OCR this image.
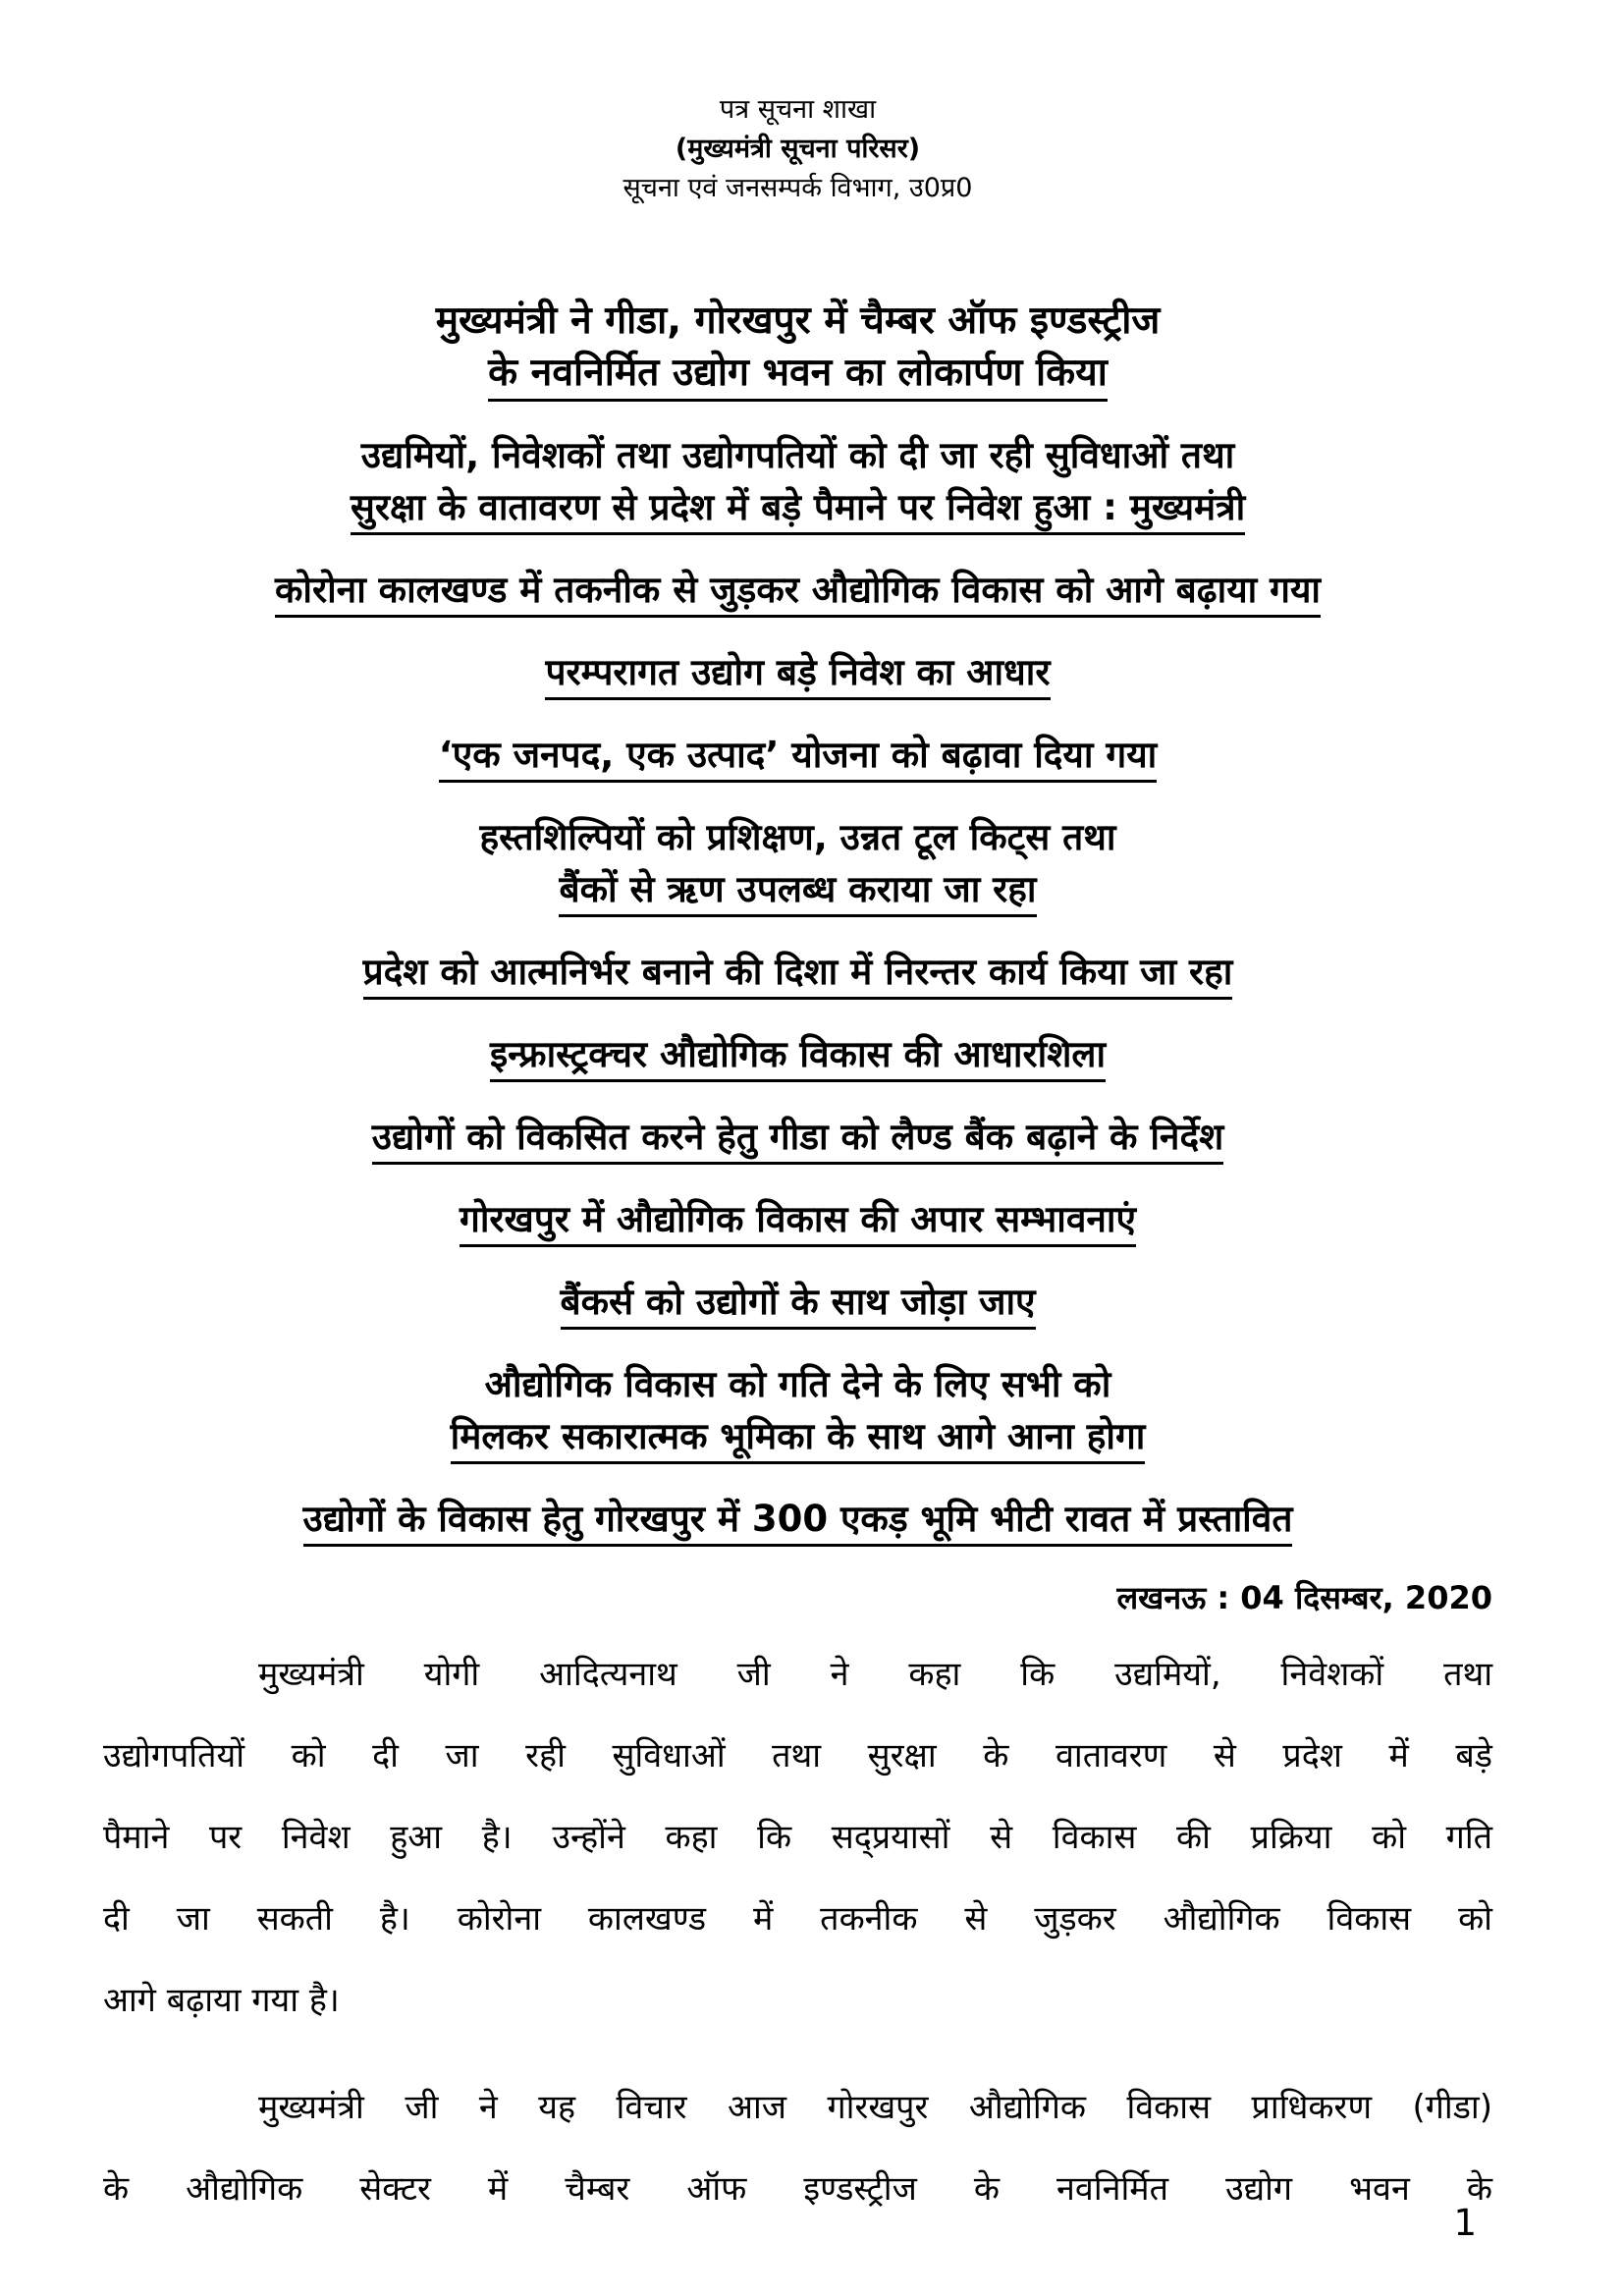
पत्र सूचना शाखा
(मुख्यमंत्री सूचना परिसर)
सूचना एवं जनसम्पर्क विभाग, उ0प्र0
मुख्यमंत्री ने गीडा, गोरखपुर में चैम्बर ऑफ इण्डस्ट्रीज
के नवनिर्मित उद्योग भवन का लोकार्पण किया
उद्यमियों, निवेशकों तथा उद्योगपतियों को दी जा रही सुविधाओं तथा
सुरक्षा के वातावरण से प्रदेश में बड़े पैमाने पर निवेश हुआ : मुख्यमंत्री
कोरोना कालखण्ड में तकनीक से जुड़कर औद्योगिक विकास को आगे बढ़ाया गया
परम्परागत उद्योग बड़े निवेश का आधार
‘एक जनपद, एक उत्पाद’ योजना को बढ़ावा दिया गया
हस्तशिल्पियों को प्रशिक्षण, उन्नत टूल किट्स तथा
बैंकों से ऋण उपलब्ध कराया जा रहा
प्रदेश को आत्मनिर्भर बनाने की दिशा में निरन्तर कार्य किया जा रहा
इन्फ्रास्ट्रक्चर औद्योगिक विकास की आधारशिला
उद्योगों को विकसित करने हेतु गीडा को लैण्ड बैंक बढ़ाने के निर्देश
गोरखपुर में औद्योगिक विकास की अपार सम्भावनाएं
बैंकर्स को उद्योगों के साथ जोड़ा जाए
औद्योगिक विकास को गति देने के लिए सभी को
मिलकर सकारात्मक भूमिका के साथ आगे आना होगा
उद्योगों के विकास हेतु गोरखपुर में 300 एकड़ भूमि भीटी रावत में प्रस्तावित
लखनऊ : 04 दिसम्बर, 2020
मुख्यमंत्री योगी आदित्यनाथ जी ने कहा कि उद्यमियों, निवेशकों तथा
उद्योगपतियों को दी जा रही सुविधाओं तथा सुरक्षा के वातावरण से प्रदेश में बड़े
पैमाने पर निवेश हुआ है। उन्होंने कहा कि सद्प्रयासों से विकास की प्रक्रिया को गति
दी जा सकती है। कोरोना कालखण्ड में तकनीक से जुड़कर औद्योगिक विकास को
आगे बढ़ाया गया है।
मुख्यमंत्री जी ने यह विचार आज गोरखपुर औद्योगिक विकास प्राधिकरण (गीडा)
के औद्योगिक सेक्टर में चैम्बर ऑफ इण्डस्ट्रीज के नवनिर्मित उद्योग भवन के
1
